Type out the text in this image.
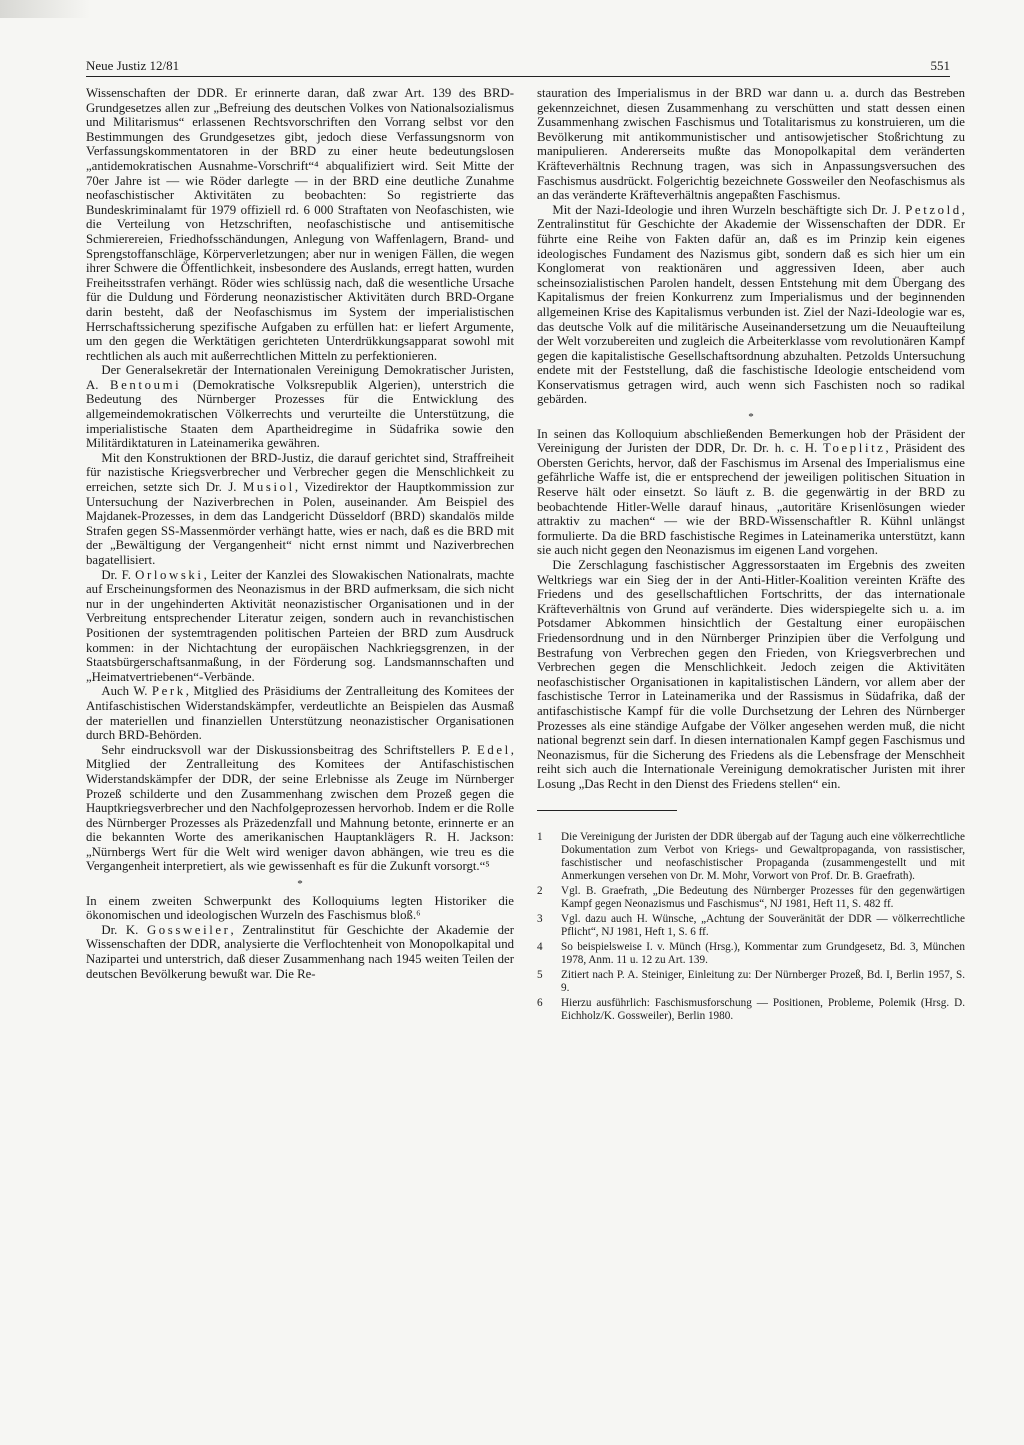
Neue Justiz 12/81	551

Wissenschaften der DDR. Er erinnerte daran, daß zwar Art. 139 des BRD-Grundgesetzes allen zur „Befreiung des deutschen Volkes von Nationalsozialismus und Militarismus“ erlassenen Rechtsvorschriften den Vorrang selbst vor den Bestimmungen des Grundgesetzes gibt, jedoch diese Verfassungsnorm von Verfassungskommentatoren in der BRD zu einer heute bedeutungslosen „antidemokratischen Ausnahme-Vorschrift“⁴ abqualifiziert wird. Seit Mitte der 70er Jahre ist — wie Röder darlegte — in der BRD eine deutliche Zunahme neofaschistischer Aktivitäten zu beobachten: So registrierte das Bundeskriminalamt für 1979 offiziell rd. 6 000 Straftaten von Neofaschisten, wie die Verteilung von Hetzschriften, neofaschistische und antisemitische Schmierereien, Friedhofsschändungen, Anlegung von Waffenlagern, Brand- und Sprengstoffanschläge, Körperverletzungen; aber nur in wenigen Fällen, die wegen ihrer Schwere die Öffentlichkeit, insbesondere des Auslands, erregt hatten, wurden Freiheitsstrafen verhängt. Röder wies schlüssig nach, daß die wesentliche Ursache für die Duldung und Förderung neonazistischer Aktivitäten durch BRD-Organe darin besteht, daß der Neofaschismus im System der imperialistischen Herrschaftssicherung spezifische Aufgaben zu erfüllen hat: er liefert Argumente, um den gegen die Werktätigen gerichteten Unterdrükkungsapparat sowohl mit rechtlichen als auch mit außerrechtlichen Mitteln zu perfektionieren.

Der Generalsekretär der Internationalen Vereinigung Demokratischer Juristen, A. Bentoumi (Demokratische Volksrepublik Algerien), unterstrich die Bedeutung des Nürnberger Prozesses für die Entwicklung des allgemeindemokratischen Völkerrechts und verurteilte die Unterstützung, die imperialistische Staaten dem Apartheidregime in Südafrika sowie den Militärdiktaturen in Lateinamerika gewähren.

Mit den Konstruktionen der BRD-Justiz, die darauf gerichtet sind, Straffreiheit für nazistische Kriegsverbrecher und Verbrecher gegen die Menschlichkeit zu erreichen, setzte sich Dr. J. Musiol, Vizedirektor der Hauptkommission zur Untersuchung der Naziverbrechen in Polen, auseinander. Am Beispiel des Majdanek-Prozesses, in dem das Landgericht Düsseldorf (BRD) skandalös milde Strafen gegen SS-Massenmörder verhängt hatte, wies er nach, daß es die BRD mit der „Bewältigung der Vergangenheit“ nicht ernst nimmt und Naziverbrechen bagatellisiert.

Dr. F. Orlowski, Leiter der Kanzlei des Slowakischen Nationalrats, machte auf Erscheinungsformen des Neonazismus in der BRD aufmerksam, die sich nicht nur in der ungehinderten Aktivität neonazistischer Organisationen und in der Verbreitung entsprechender Literatur zeigen, sondern auch in revanchistischen Positionen der systemtragenden politischen Parteien der BRD zum Ausdruck kommen: in der Nichtachtung der europäischen Nachkriegsgrenzen, in der Staatsbürgerschaftsanmaßung, in der Förderung sog. Landsmannschaften und „Heimatvertriebenen“-Verbände.

Auch W. Perk, Mitglied des Präsidiums der Zentralleitung des Komitees der Antifaschistischen Widerstandskämpfer, verdeutlichte an Beispielen das Ausmaß der materiellen und finanziellen Unterstützung neonazistischer Organisationen durch BRD-Behörden.

Sehr eindrucksvoll war der Diskussionsbeitrag des Schriftstellers P. Edel, Mitglied der Zentralleitung des Komitees der Antifaschistischen Widerstandskämpfer der DDR, der seine Erlebnisse als Zeuge im Nürnberger Prozeß schilderte und den Zusammenhang zwischen dem Prozeß gegen die Hauptkriegsverbrecher und den Nachfolgeprozessen hervorhob. Indem er die Rolle des Nürnberger Prozesses als Präzedenzfall und Mahnung betonte, erinnerte er an die bekannten Worte des amerikanischen Hauptanklägers R. H. Jackson: „Nürnbergs Wert für die Welt wird weniger davon abhängen, wie treu es die Vergangenheit interpretiert, als wie gewissenhaft es für die Zukunft vorsorgt.“⁵

*

In einem zweiten Schwerpunkt des Kolloquiums legten Historiker die ökonomischen und ideologischen Wurzeln des Faschismus bloß.⁶

Dr. K. Gossweiler, Zentralinstitut für Geschichte der Akademie der Wissenschaften der DDR, analysierte die Verflochtenheit von Monopolkapital und Nazipartei und unterstrich, daß dieser Zusammenhang nach 1945 weiten Teilen der deutschen Bevölkerung bewußt war. Die Re-

stauration des Imperialismus in der BRD war dann u. a. durch das Bestreben gekennzeichnet, diesen Zusammenhang zu verschütten und statt dessen einen Zusammenhang zwischen Faschismus und Totalitarismus zu konstruieren, um die Bevölkerung mit antikommunistischer und antisowjetischer Stoßrichtung zu manipulieren. Andererseits mußte das Monopolkapital dem veränderten Kräfteverhältnis Rechnung tragen, was sich in Anpassungsversuchen des Faschismus ausdrückt. Folgerichtig bezeichnete Gossweiler den Neofaschismus als an das veränderte Kräfteverhältnis angepaßten Faschismus.

Mit der Nazi-Ideologie und ihren Wurzeln beschäftigte sich Dr. J. Petzold, Zentralinstitut für Geschichte der Akademie der Wissenschaften der DDR. Er führte eine Reihe von Fakten dafür an, daß es im Prinzip kein eigenes ideologisches Fundament des Nazismus gibt, sondern daß es sich hier um ein Konglomerat von reaktionären und aggressiven Ideen, aber auch scheinsozialistischen Parolen handelt, dessen Entstehung mit dem Übergang des Kapitalismus der freien Konkurrenz zum Imperialismus und der beginnenden allgemeinen Krise des Kapitalismus verbunden ist. Ziel der Nazi-Ideologie war es, das deutsche Volk auf die militärische Auseinandersetzung um die Neuaufteilung der Welt vorzubereiten und zugleich die Arbeiterklasse vom revolutionären Kampf gegen die kapitalistische Gesellschaftsordnung abzuhalten. Petzolds Untersuchung endete mit der Feststellung, daß die faschistische Ideologie entscheidend vom Konservatismus getragen wird, auch wenn sich Faschisten noch so radikal gebärden.

*

In seinen das Kolloquium abschließenden Bemerkungen hob der Präsident der Vereinigung der Juristen der DDR, Dr. Dr. h. c. H. Toeplitz, Präsident des Obersten Gerichts, hervor, daß der Faschismus im Arsenal des Imperialismus eine gefährliche Waffe ist, die er entsprechend der jeweiligen politischen Situation in Reserve hält oder einsetzt. So läuft z. B. die gegenwärtig in der BRD zu beobachtende Hitler-Welle darauf hinaus, „autoritäre Krisenlösungen wieder attraktiv zu machen“ — wie der BRD-Wissenschaftler R. Kühnl unlängst formulierte. Da die BRD faschistische Regimes in Lateinamerika unterstützt, kann sie auch nicht gegen den Neonazismus im eigenen Land vorgehen.

Die Zerschlagung faschistischer Aggressorstaaten im Ergebnis des zweiten Weltkriegs war ein Sieg der in der Anti-Hitler-Koalition vereinten Kräfte des Friedens und des gesellschaftlichen Fortschritts, der das internationale Kräfteverhältnis von Grund auf veränderte. Dies widerspiegelte sich u. a. im Potsdamer Abkommen hinsichtlich der Gestaltung einer europäischen Friedensordnung und in den Nürnberger Prinzipien über die Verfolgung und Bestrafung von Verbrechen gegen den Frieden, von Kriegsverbrechen und Verbrechen gegen die Menschlichkeit. Jedoch zeigen die Aktivitäten neofaschistischer Organisationen in kapitalistischen Ländern, vor allem aber der faschistische Terror in Lateinamerika und der Rassismus in Südafrika, daß der antifaschistische Kampf für die volle Durchsetzung der Lehren des Nürnberger Prozesses als eine ständige Aufgabe der Völker angesehen werden muß, die nicht national begrenzt sein darf. In diesen internationalen Kampf gegen Faschismus und Neonazismus, für die Sicherung des Friedens als die Lebensfrage der Menschheit reiht sich auch die Internationale Vereinigung demokratischer Juristen mit ihrer Losung „Das Recht in den Dienst des Friedens stellen“ ein.

1	Die Vereinigung der Juristen der DDR übergab auf der Tagung auch eine völkerrechtliche Dokumentation zum Verbot von Kriegs- und Gewaltpropaganda, von rassistischer, faschistischer und neofaschistischer Propaganda (zusammengestellt und mit Anmerkungen versehen von Dr. M. Mohr, Vorwort von Prof. Dr. B. Graefrath).
2	Vgl. B. Graefrath, „Die Bedeutung des Nürnberger Prozesses für den gegenwärtigen Kampf gegen Neonazismus und Faschismus“, NJ 1981, Heft 11, S. 482 ff.
3	Vgl. dazu auch H. Wünsche, „Achtung der Souveränität der DDR — völkerrechtliche Pflicht“, NJ 1981, Heft 1, S. 6 ff.
4	So beispielsweise I. v. Münch (Hrsg.), Kommentar zum Grundgesetz, Bd. 3, München 1978, Anm. 11 u. 12 zu Art. 139.
5	Zitiert nach P. A. Steiniger, Einleitung zu: Der Nürnberger Prozeß, Bd. I, Berlin 1957, S. 9.
6	Hierzu ausführlich: Faschismusforschung — Positionen, Probleme, Polemik (Hrsg. D. Eichholz/K. Gossweiler), Berlin 1980.
